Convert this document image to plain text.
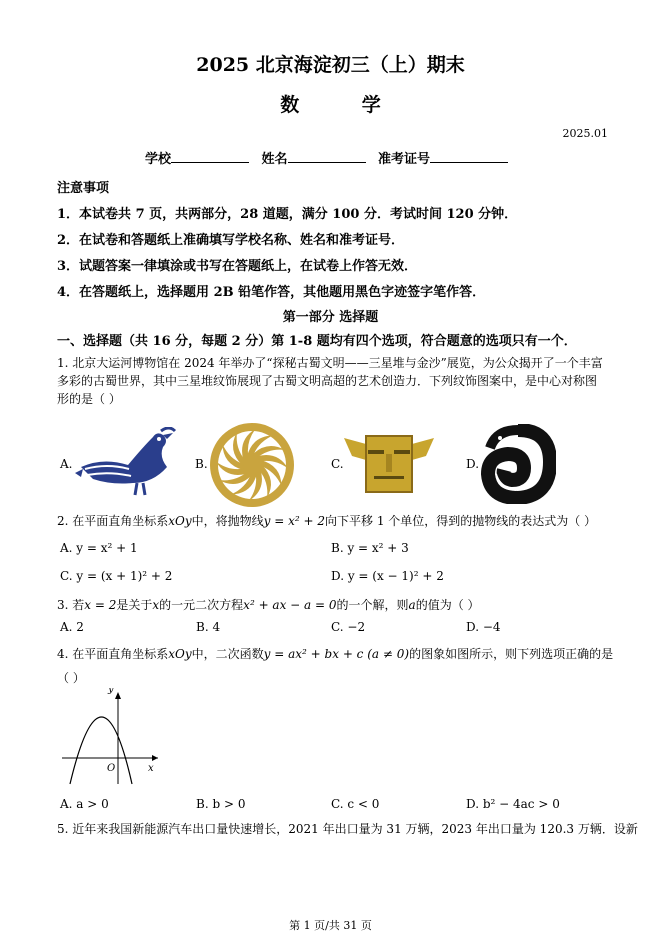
2025 北京海淀初三（上）期末
数 学
2025.01
学校	姓名	准考证号
注意事项
1．本试卷共 7 页，共两部分，28 道题，满分 100 分．考试时间 120 分钟．
2．在试卷和答题纸上准确填写学校名称、姓名和准考证号．
3．试题答案一律填涂或书写在答题纸上，在试卷上作答无效．
4．在答题纸上，选择题用 2B 铅笔作答，其他题用黑色字迹签字笔作答．
第一部分 选择题
一、选择题（共 16 分，每题 2 分）第 1-8 题均有四个选项，符合题意的选项只有一个．
1. 北京大运河博物馆在 2024 年举办了“探秘古蜀文明——三星堆与金沙”展览，为公众揭开了一个丰富多彩的古蜀世界，其中三星堆纹饰展现了古蜀文明高超的艺术创造力．下列纹饰图案中，是中心对称图形的是（ ）
A.	B.	C.	D.
2. 在平面直角坐标系xOy中，将抛物线y = x² + 2向下平移 1 个单位，得到的抛物线的表达式为（ ）
A. y = x² + 1	B. y = x² + 3
C. y = (x + 1)² + 2	D. y = (x − 1)² + 2
3. 若x = 2是关于x的一元二次方程x² + ax − a = 0的一个解，则a的值为（ ）
A. 2	B. 4	C. −2	D. −4
4. 在平面直角坐标系xOy中，二次函数y = ax² + bx + c (a ≠ 0)的图象如图所示，则下列选项正确的是
（ ）
y
x
O
A. a > 0	B. b > 0	C. c < 0	D. b² − 4ac > 0
5. 近年来我国新能源汽车出口量快速增长，2021 年出口量为 31 万辆，2023 年出口量为 120.3 万辆．设新
第 1 页/共 31 页
